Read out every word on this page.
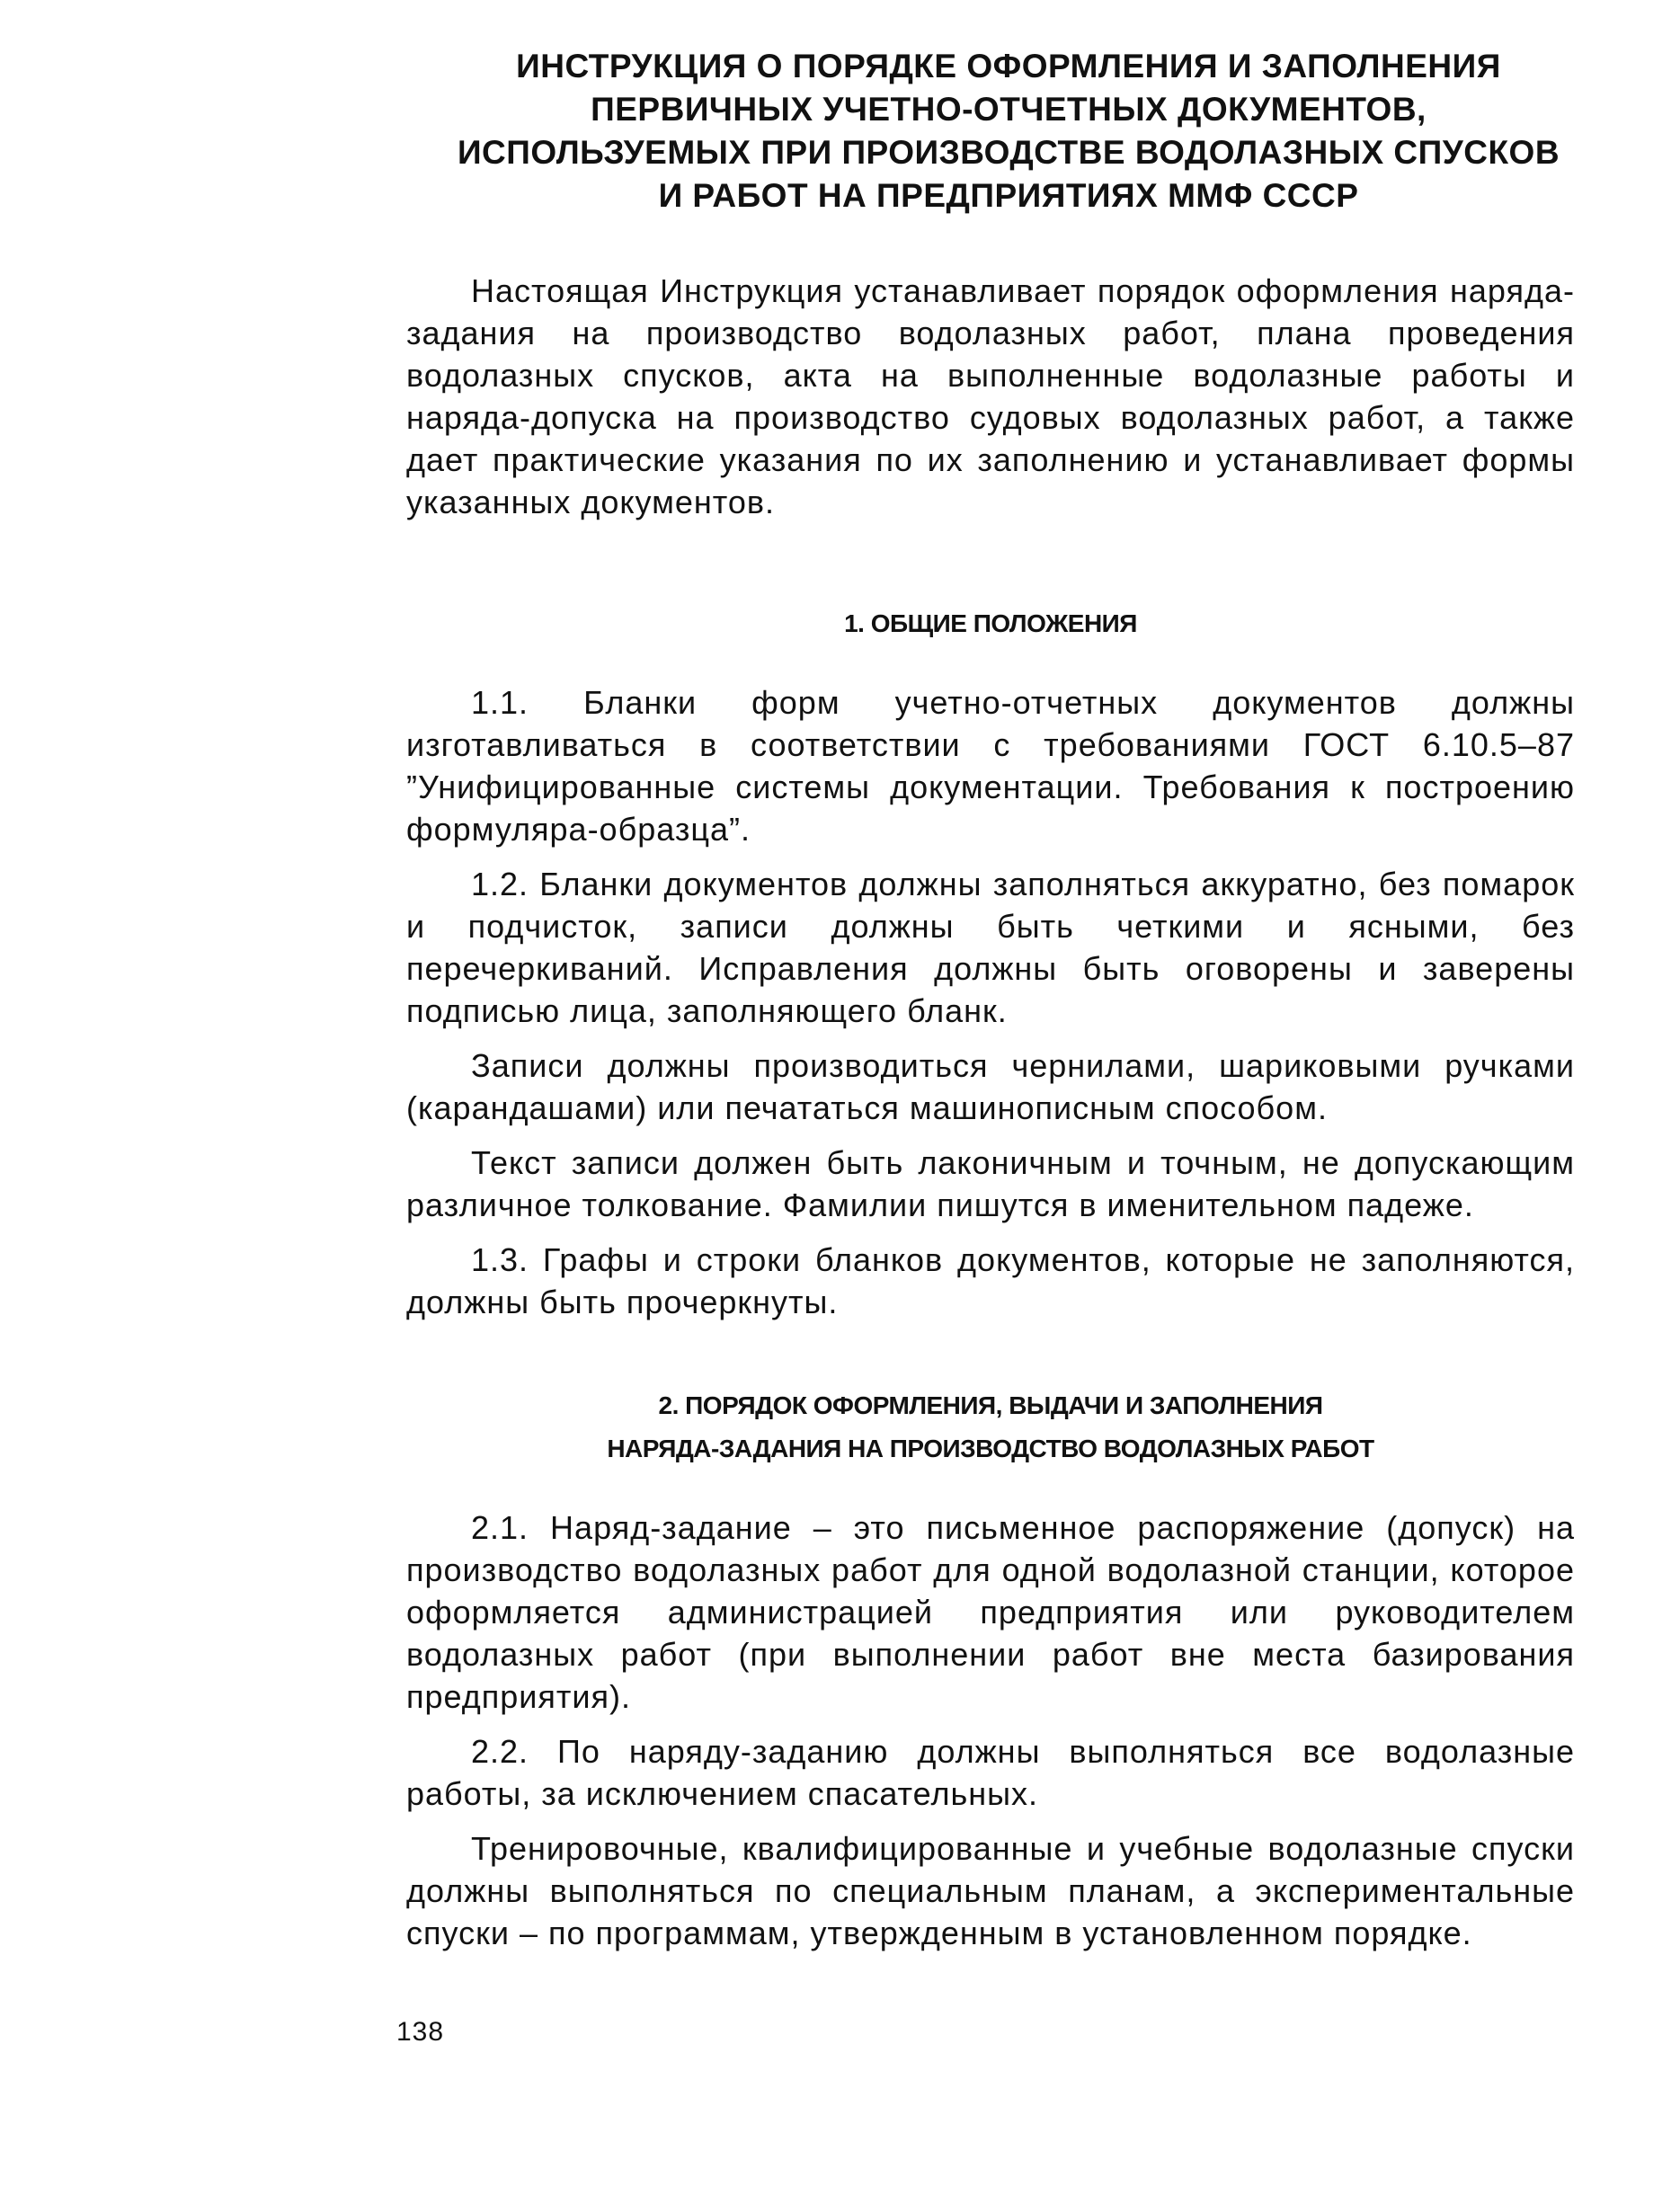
ИНСТРУКЦИЯ О ПОРЯДКЕ ОФОРМЛЕНИЯ И ЗАПОЛНЕНИЯ
ПЕРВИЧНЫХ УЧЕТНО-ОТЧЕТНЫХ ДОКУМЕНТОВ,
ИСПОЛЬЗУЕМЫХ ПРИ ПРОИЗВОДСТВЕ ВОДОЛАЗНЫХ СПУСКОВ
И РАБОТ НА ПРЕДПРИЯТИЯХ ММФ СССР

Настоящая Инструкция устанавливает порядок оформления наряда-задания на производство водолазных работ, плана проведения водолазных спусков, акта на выполненные водолазные работы и наряда-допуска на производство судовых водолазных работ, а также дает практические указания по их заполнению и устанавливает формы указанных документов.

1. ОБЩИЕ ПОЛОЖЕНИЯ

1.1. Бланки форм учетно-отчетных документов должны изготавливаться в соответствии с требованиями ГОСТ 6.10.5–87 ”Унифицированные системы документации. Требования к построению формуляра-образца”.

1.2. Бланки документов должны заполняться аккуратно, без помарок и подчисток, записи должны быть четкими и ясными, без перечеркиваний. Исправления должны быть оговорены и заверены подписью лица, заполняющего бланк.

Записи должны производиться чернилами, шариковыми ручками (карандашами) или печататься машинописным способом.

Текст записи должен быть лаконичным и точным, не допускающим различное толкование. Фамилии пишутся в именительном падеже.

1.3. Графы и строки бланков документов, которые не заполняются, должны быть прочеркнуты.

2. ПОРЯДОК ОФОРМЛЕНИЯ, ВЫДАЧИ И ЗАПОЛНЕНИЯ
НАРЯДА-ЗАДАНИЯ НА ПРОИЗВОДСТВО ВОДОЛАЗНЫХ РАБОТ

2.1. Наряд-задание – это письменное распоряжение (допуск) на производство водолазных работ для одной водолазной станции, которое оформляется администрацией предприятия или руководителем водолазных работ (при выполнении работ вне места базирования предприятия).

2.2. По наряду-заданию должны выполняться все водолазные работы, за исключением спасательных.

Тренировочные, квалифицированные и учебные водолазные спуски должны выполняться по специальным планам, а экспериментальные спуски – по программам, утвержденным в установленном порядке.

138
